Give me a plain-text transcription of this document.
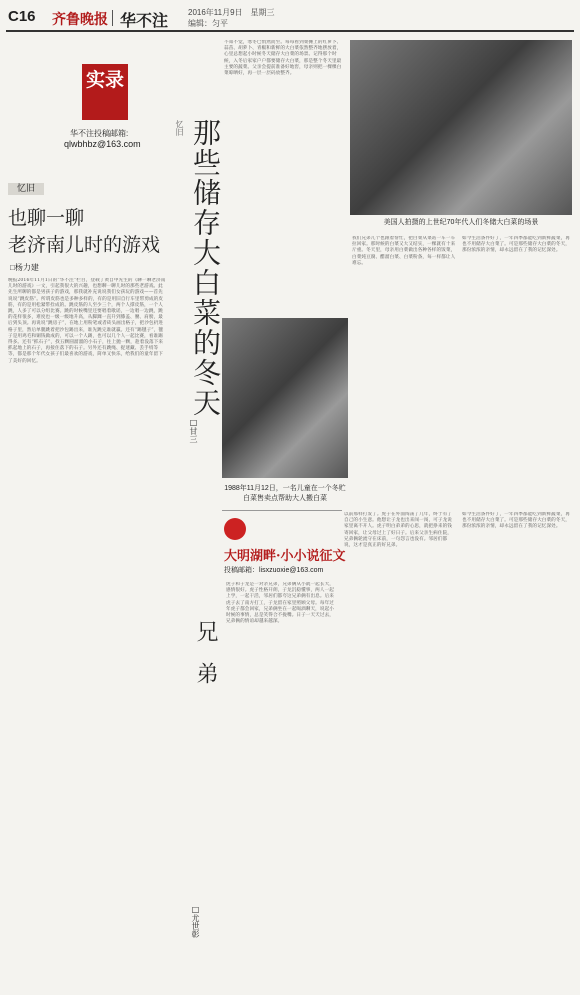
C16 齐鲁晚报 华不注 2016年11月9日　星期三
编辑：匀平
实录
华不注投稿邮箱:
qlwbhbz@163.com
忆旧
也聊一聊
老济南儿时的游戏
□杨力建
晚报2016年11月1日的“华不注”栏目，登载了黄自中先生的《聊一聊老济南儿时的游戏》一文，引起我很大的兴趣，也想聊一聊儿时的那些老游戏。此先生所聊的都是男孩子的游戏，那我就补充说说我们女孩玩的游戏——首先说说“跳皮筋”。所谓皮筋也是多种多样的，有的是用旧自行车里带剪成的皮筋，有的是用松紧带拴成的。跳皮筋的人至少三个，两个人撑皮筋，一个人跳，人多了可以分组比赛。跳的时候嘴里还要唱着歌谣，一边唱一边跳，跳的花样很多，难度也一级一级地升高，从脚踝一直升到膝盖、腰、肩膀，最后到头顶。再说说“跳房子”，在地上用粉笔或者砖头画出格子，把沙包扔进格子里，然后单腿跳着把沙包踢出来，谁先跳完谁就赢。还有“踢毽子”，毽子是用鸡毛和铜钱做成的，可以一个人踢，也可以几个人一起比赛，看谁踢得多。还有“抓石子”，找五颗圆溜溜的小石子，往上抛一颗，趁着没落下来抓起地上的石子，再接住落下的石子。另外还有跳绳、捉迷藏、丢手绢等等，都是那个年代女孩子们最喜欢的游戏，简单又快乐，给我们的童年留下了美好的回忆。
忆旧 那些储存大白菜的冬天
□甘三
不知不觉，寒冬已悄然而至。每每看到菜摊上的红萝卜、蒜苗、胡萝卜、青椒和新鲜的大白菜依然整齐地摆放着，心里总想起小时候冬天储存大白菜的场景。记得那个时候，入冬后家家户户都要储存大白菜，那是整个冬天里最主要的蔬菜。父亲会提前准备好地窖，母亲则把一棵棵白菜晾晒好，再一层一层码放整齐。
美国人拍摄的上世纪70年代人们冬储大白菜的场景
1988年11月12日，一名儿童在一个冬贮白菜售卖点帮助大人搬白菜
我们兄弟几个也跟着帮忙，把白菜从菜站一车一车拉回家。那时候的白菜又大又结实，一棵就有十来斤重。冬天里，母亲用白菜做出各种各样的饭菜，白菜炖豆腐、醋溜白菜、白菜粉条，每一样都让人难忘。
如今生活条件好了，一年四季都能吃到新鲜蔬菜，再也不用储存大白菜了。可是那些储存大白菜的冬天，那份浓浓的亲情，却永远留在了我的记忆深处。
大明湖畔·小小说征文
投稿邮箱：lisxzuoxie@163.com
兄弟
□尤世彰
虎子和子龙是一对亲兄弟，兄弟俩从小就一起长大，感情很好。虎子性格开朗，子龙沉稳懂事，两人一起上学，一起干活，邻居们都夸这兄弟俩有出息。后来虎子去了南方打工，子龙留在家里照顾父母。每年过年虎子都会回家，兄弟俩坐在一起喝酒聊天，说起小时候的事情，总是笑得合不拢嘴。日子一天天过去，兄弟俩的情谊却越来越深。
以前那样打发了。虎子在外面闯荡了几年，终于有了自己的小生意。他想让子龙也出来闯一闯，可子龙说家里离不开人。虎子明白弟弟的心思，就把挣来的钱寄回家，让父母过上了好日子。后来父亲生病住院，兄弟俩轮流守在床前，一句怨言也没有。邻居们都说，这才是真正的好兄弟。
如今生活条件好了，一年四季都能吃到新鲜蔬菜，再也不用储存大白菜了。可是那些储存大白菜的冬天，那份浓浓的亲情，却永远留在了我的记忆深处。
